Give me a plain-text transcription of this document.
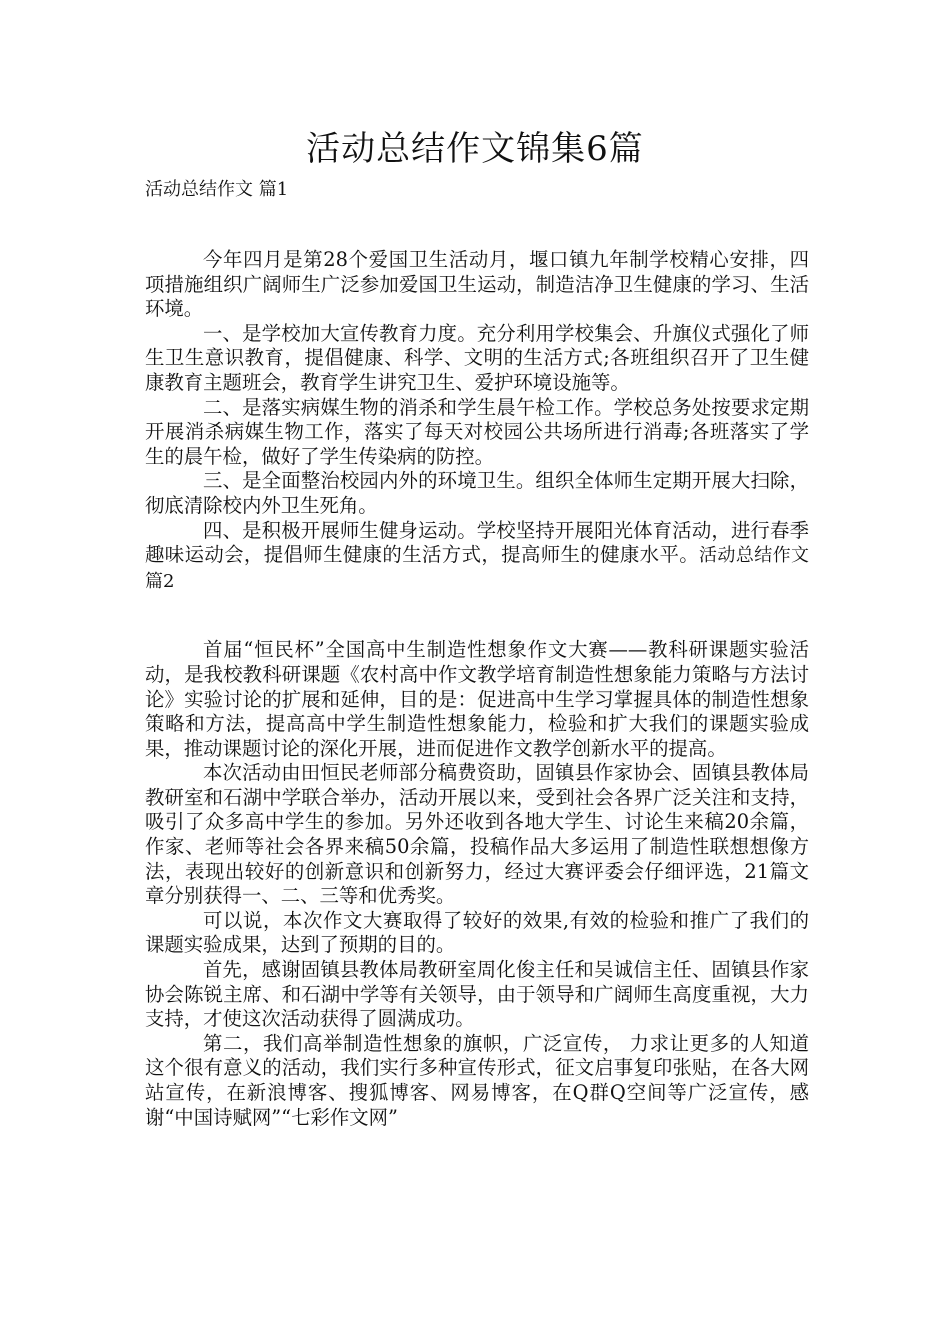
活动总结作文锦集6篇

活动总结作文 篇1

今年四月是第28个爱国卫生活动月，堰口镇九年制学校精心安排，四项措施组织广阔师生广泛参加爱国卫生运动，制造洁净卫生健康的学习、生活环境。

一、是学校加大宣传教育力度。充分利用学校集会、升旗仪式强化了师生卫生意识教育，提倡健康、科学、文明的生活方式;各班组织召开了卫生健康教育主题班会，教育学生讲究卫生、爱护环境设施等。

二、是落实病媒生物的消杀和学生晨午检工作。学校总务处按要求定期开展消杀病媒生物工作，落实了每天对校园公共场所进行消毒;各班落实了学生的晨午检，做好了学生传染病的防控。

三、是全面整治校园内外的环境卫生。组织全体师生定期开展大扫除，彻底清除校内外卫生死角。

四、是积极开展师生健身运动。学校坚持开展阳光体育活动，进行春季趣味运动会，提倡师生健康的生活方式，提高师生的健康水平。活动总结作文 篇2

首届“恒民杯”全国高中生制造性想象作文大赛——教科研课题实验活动，是我校教科研课题《农村高中作文教学培育制造性想象能力策略与方法讨论》实验讨论的扩展和延伸，目的是：促进高中生学习掌握具体的制造性想象策略和方法，提高高中学生制造性想象能力，检验和扩大我们的课题实验成果，推动课题讨论的深化开展，进而促进作文教学创新水平的提高。

本次活动由田恒民老师部分稿费资助，固镇县作家协会、固镇县教体局教研室和石湖中学联合举办，活动开展以来，受到社会各界广泛关注和支持，吸引了众多高中学生的参加。另外还收到各地大学生、讨论生来稿20余篇，作家、老师等社会各界来稿50余篇，投稿作品大多运用了制造性联想想像方法，表现出较好的创新意识和创新努力，经过大赛评委会仔细评选，21篇文章分别获得一、二、三等和优秀奖。

可以说，本次作文大赛取得了较好的效果,有效的检验和推广了我们的课题实验成果，达到了预期的目的。

首先，感谢固镇县教体局教研室周化俊主任和吴诚信主任、固镇县作家协会陈锐主席、和石湖中学等有关领导，由于领导和广阔师生高度重视，大力支持，才使这次活动获得了圆满成功。

第二，我们高举制造性想象的旗帜，广泛宣传， 力求让更多的人知道这个很有意义的活动，我们实行多种宣传形式，征文启事复印张贴，在各大网站宣传，在新浪博客、搜狐博客、网易博客，在Q群Q空间等广泛宣传，感谢“中国诗赋网”“七彩作文网”
